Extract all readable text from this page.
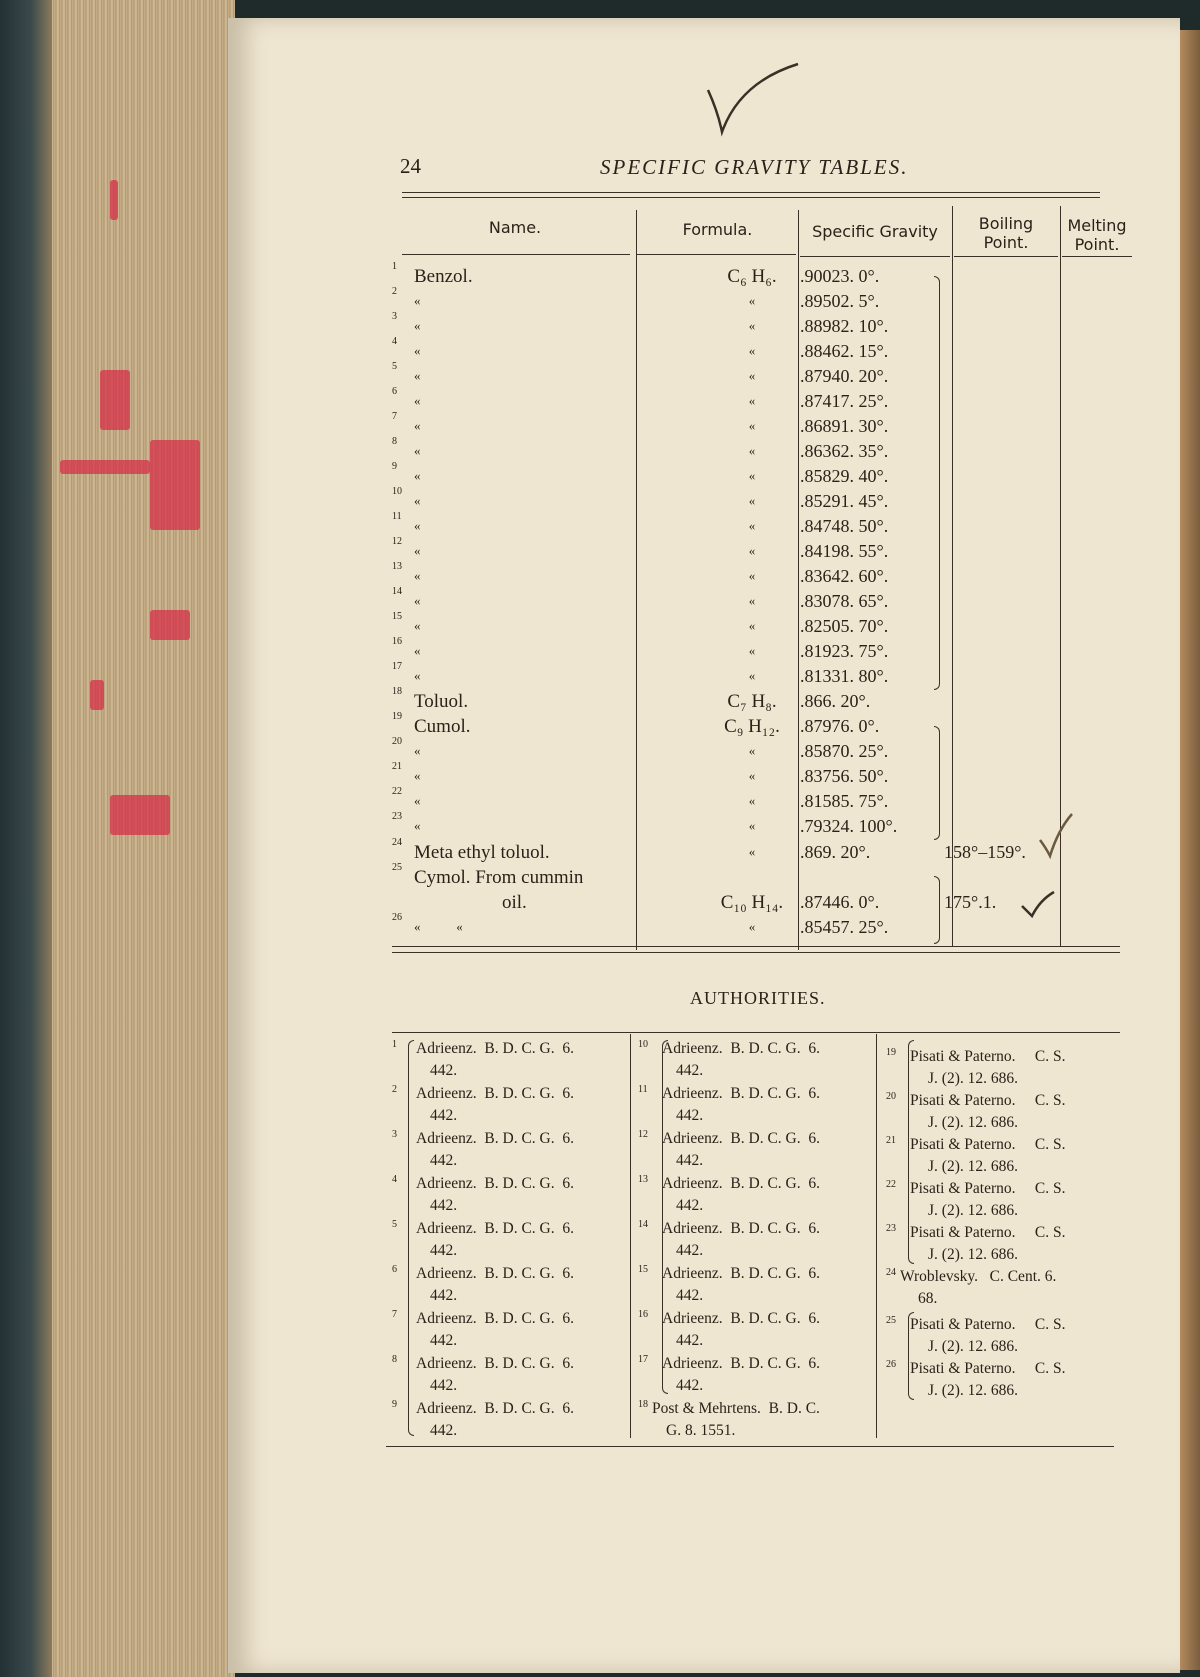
24	SPECIFIC GRAVITY TABLES.
Name.	Formula.	Specific Gravity	Boiling
Point.
Melting
Point.
1 Benzol.	C₆ H₆.	.90023. 0°.
2
«	«	.89502. 5°.
3
«	«	.88982. 10°.
4
«	«	.88462. 15°.
5
«	«	.87940. 20°.
6
«	«	.87417. 25°.
7
«	«	.86891. 30°.
8
«	«	.86362. 35°.
9
«	«	.85829. 40°.
10
«	«	.85291. 45°.
11
«	«	.84748. 50°.
12
«	«	.84198. 55°.
13
«	«	.83642. 60°.
14
«	«	.83078. 65°.
15
«	«	.82505. 70°.
16
«	«	.81923. 75°.
17
«	«	.81331. 80°.
18 Toluol.	C₇ H₈.	.866. 20°.
19 Cumol.	C₉ H₁₂.	.87976. 0°.
20
«	«	.85870. 25°.
21
«	«	.83756. 50°.
22
«	«	.81585. 75°.
23
«	«	.79324. 100°.
24 Meta ethyl toluol.	«	.869. 20°.	158°–159°.
25 Cymol. From cummin
oil.	C₁₀ H₁₄. .87446. 0°.	175°.1.
26
«           «	«	.85457. 25°.
AUTHORITIES.
1 Adrieenz.  B. D. C. G.  6.
442.
2 Adrieenz.  B. D. C. G.  6.
442.
3 Adrieenz.  B. D. C. G.  6.
442.
4 Adrieenz.  B. D. C. G.  6.
442.
5 Adrieenz.  B. D. C. G.  6.
442.
6 Adrieenz.  B. D. C. G.  6.
442.
7 Adrieenz.  B. D. C. G.  6.
442.
8 Adrieenz.  B. D. C. G.  6.
442.
9 Adrieenz.  B. D. C. G.  6.
442.
10 Adrieenz.  B. D. C. G.  6.
442.
11 Adrieenz.  B. D. C. G.  6.
442.
12 Adrieenz.  B. D. C. G.  6.
442.
13 Adrieenz.  B. D. C. G.  6.
442.
14 Adrieenz.  B. D. C. G.  6.
442.
15 Adrieenz.  B. D. C. G.  6.
442.
16 Adrieenz.  B. D. C. G.  6.
442.
17 Adrieenz.  B. D. C. G.  6.
442.
18 Post & Mehrtens.  B. D. C.
G. 8. 1551.
19 Pisati & Paterno.     C. S.
J. (2). 12. 686.
20 Pisati & Paterno.     C. S.
J. (2). 12. 686.
21 Pisati & Paterno.     C. S.
J. (2). 12. 686.
22 Pisati & Paterno.     C. S.
J. (2). 12. 686.
23 Pisati & Paterno.     C. S.
J. (2). 12. 686.
24 Wroblevsky.   C. Cent. 6.
68.
25 Pisati & Paterno.     C. S.
J. (2). 12. 686.
26 Pisati & Paterno.     C. S.
J. (2). 12. 686.
